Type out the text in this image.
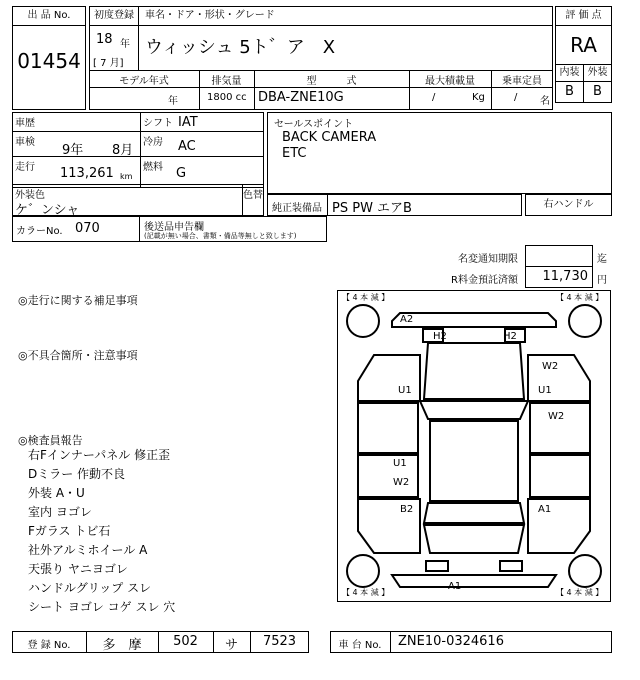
出 品 No.
01454
初度登録
18 年
[ 7 月]
車名・ドア・形状・グレード
ウィッシュ 5ト゛ア　X
評 価 点
RA
内装 外装
B	B
モデル年式	排気量	型　　　式	最大積載量	乗車定員
年	1800 cc DBA-ZNE10G	/	Kg	/ 名
車歴	シフト IAT
車検
9年 8月
冷房 AC
走行 113,261 km
燃料 G
セールスポイント
BACK CAMERA
ETC
外装色
ケ゛ンシャ
色替
純正装備品 PS PW エアB	右ハンドル
カラーNo. 070	後送品申告欄
(記載が無い場合、書類・備品等無しと致します)
名変通知期限	迄
R料金預託済額	11,730 円
◎走行に関する補足事項
◎不具合箇所・注意事項
◎検査員報告
右Fインナーパネル 修正歪
Dミラー 作動不良
外装 A・U
室内 ヨゴレ
Fガラス トビ石
社外アルミホイール A
天張り ヤニヨゴレ
ハンドルグリップ スレ
シート ヨゴレ コゲ スレ 穴
【 4 本 減 】	【 4 本 減 】
【 4 本 減 】	【 4 本 減 】
A2
H2	H2
W2
U1	U1
W2
U1
W2
B2	A1
A1
登 録 No.	多　摩	502	サ	7523	車 台 No.	ZNE10-0324616
